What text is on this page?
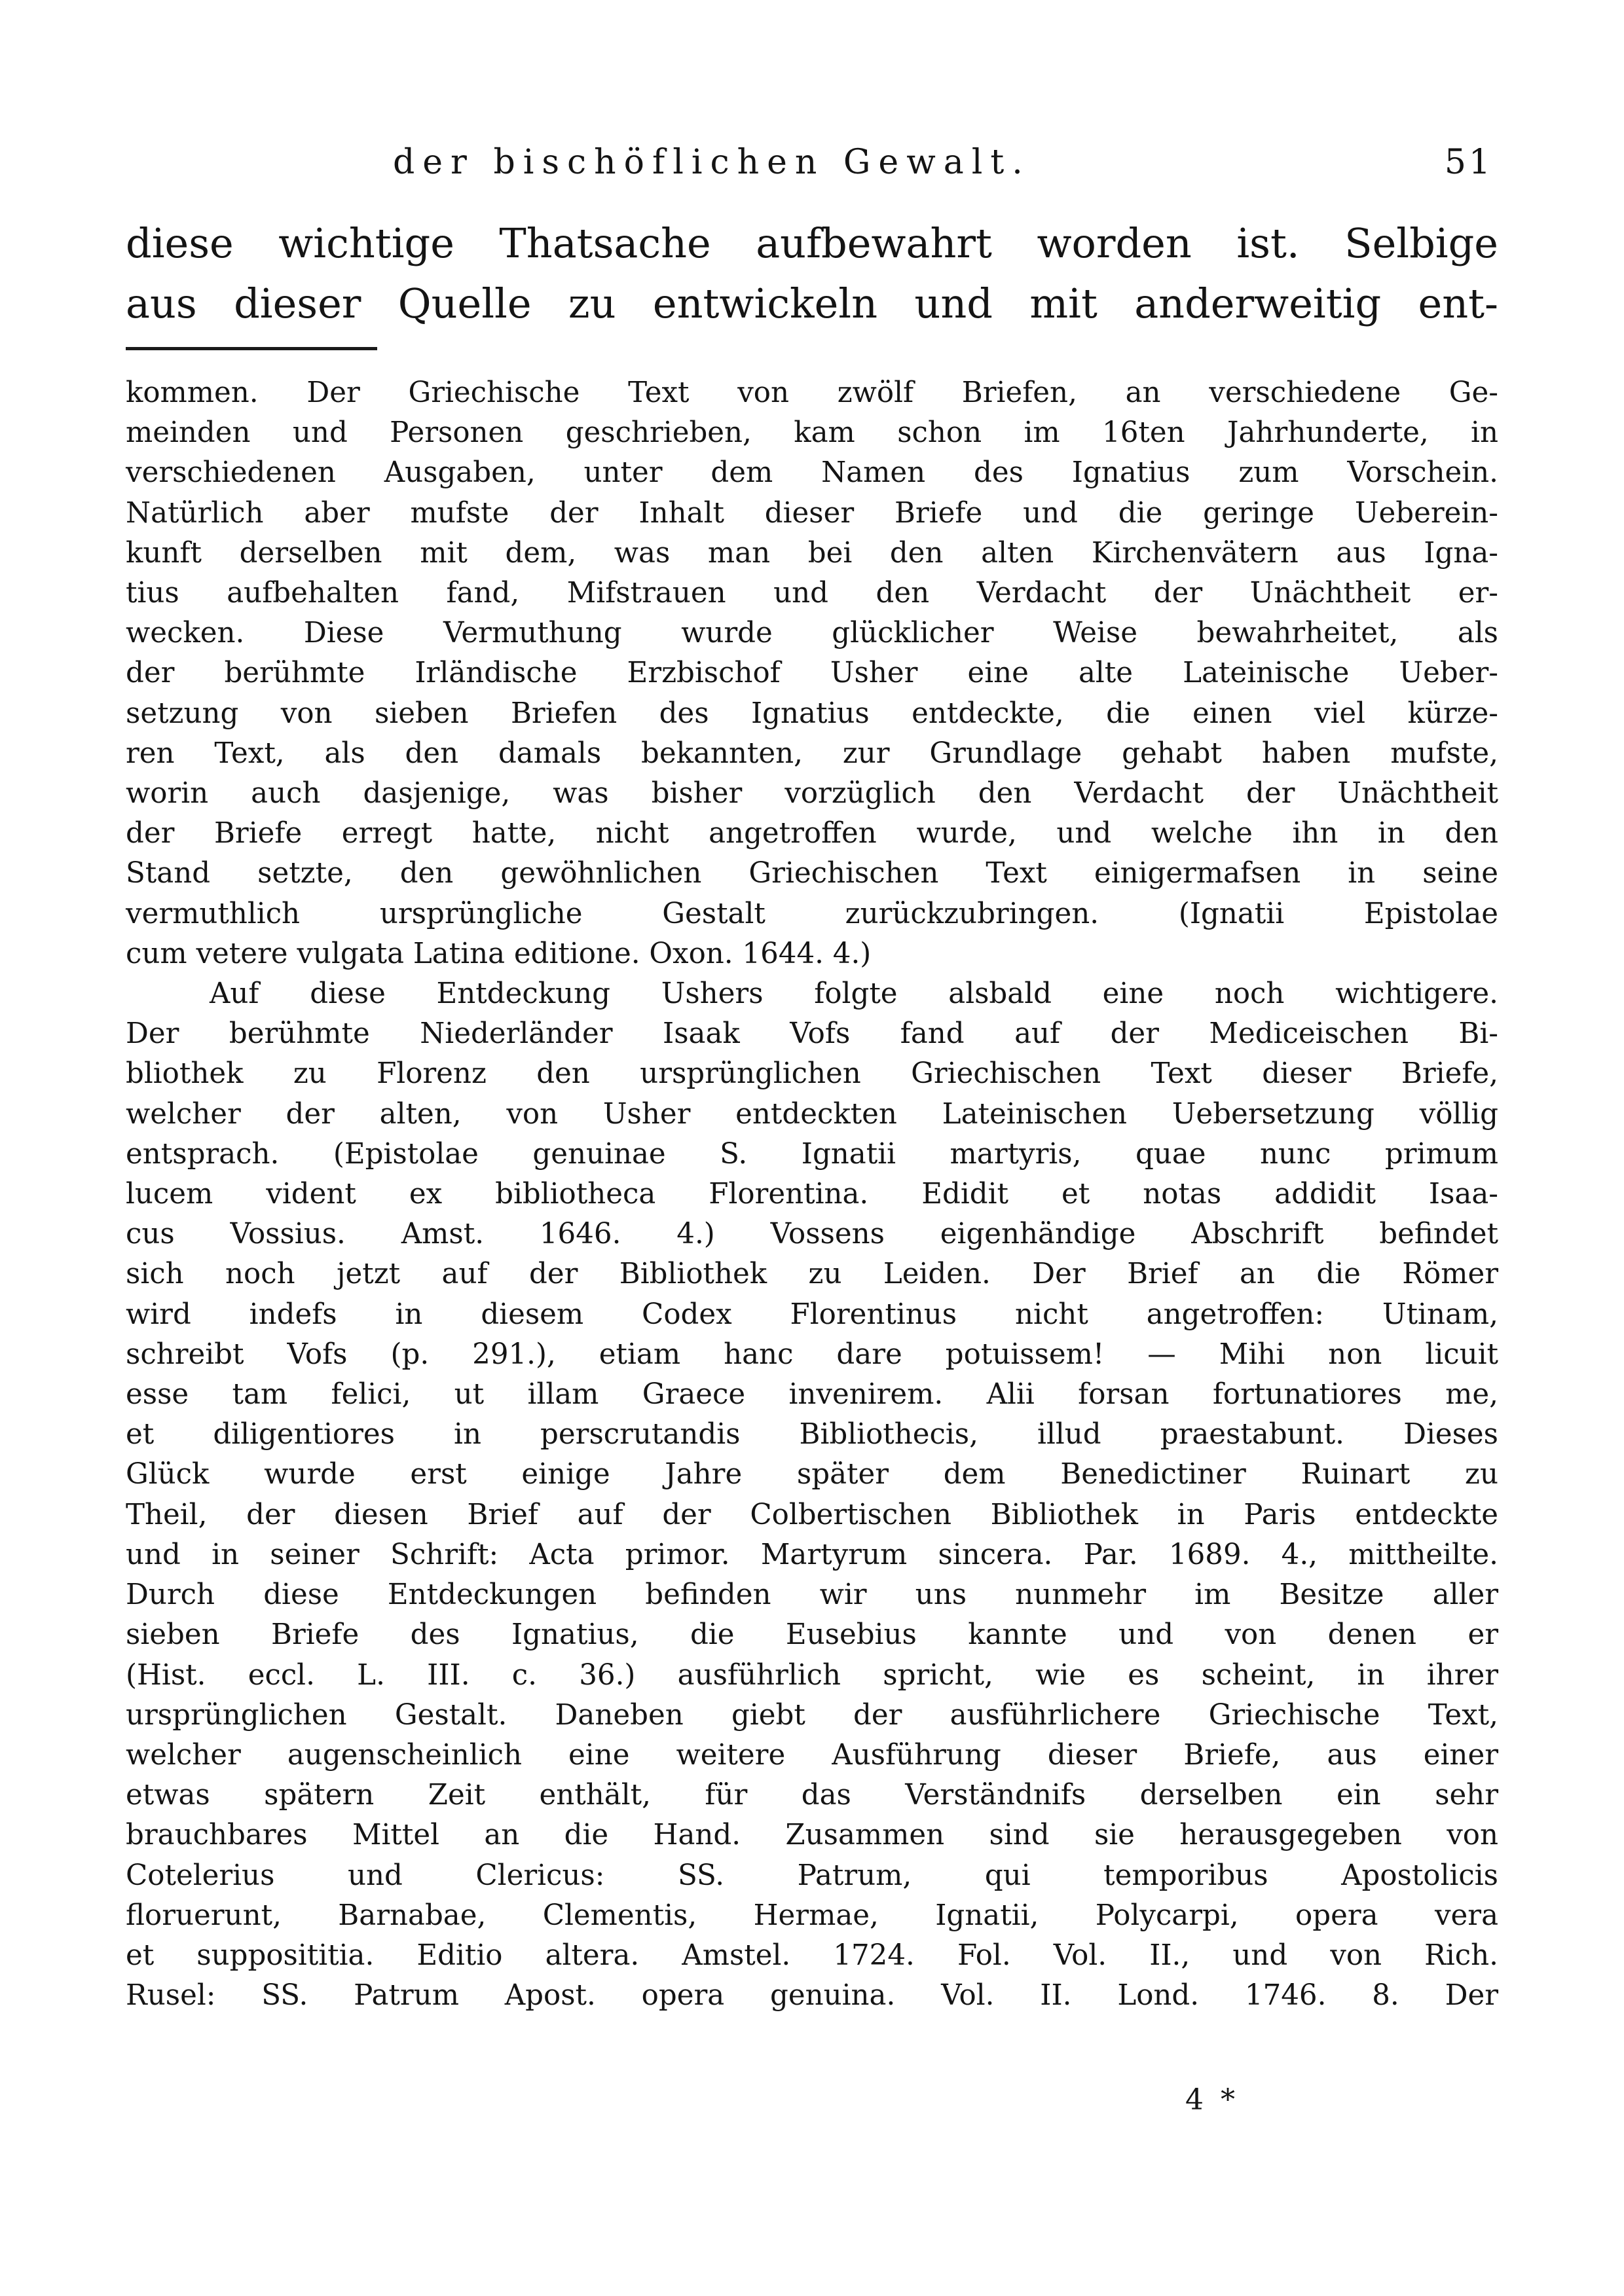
der bischöflichen Gewalt.	51
diese wichtige Thatsache aufbewahrt worden ist. Selbige
aus dieser Quelle zu entwickeln und mit anderweitig ent-
kommen. Der Griechische Text von zwölf Briefen, an verschiedene Ge-
meinden und Personen geschrieben, kam schon im 16ten Jahrhunderte, in
verschiedenen Ausgaben, unter dem Namen des Ignatius zum Vorschein.
Natürlich aber mufste der Inhalt dieser Briefe und die geringe Ueberein-
kunft derselben mit dem, was man bei den alten Kirchenvätern aus Igna-
tius aufbehalten fand, Mifstrauen und den Verdacht der Unächtheit er-
wecken. Diese Vermuthung wurde glücklicher Weise bewahrheitet, als
der berühmte Irländische Erzbischof Usher eine alte Lateinische Ueber-
setzung von sieben Briefen des Ignatius entdeckte, die einen viel kürze-
ren Text, als den damals bekannten, zur Grundlage gehabt haben mufste,
worin auch dasjenige, was bisher vorzüglich den Verdacht der Unächtheit
der Briefe erregt hatte, nicht angetroffen wurde, und welche ihn in den
Stand setzte, den gewöhnlichen Griechischen Text einigermafsen in seine
vermuthlich ursprüngliche Gestalt zurückzubringen. (Ignatii Epistolae
cum vetere vulgata Latina editione. Oxon. 1644. 4.)
Auf diese Entdeckung Ushers folgte alsbald eine noch wichtigere.
Der berühmte Niederländer Isaak Vofs fand auf der Mediceischen Bi-
bliothek zu Florenz den ursprünglichen Griechischen Text dieser Briefe,
welcher der alten, von Usher entdeckten Lateinischen Uebersetzung völlig
entsprach. (Epistolae genuinae S. Ignatii martyris, quae nunc primum
lucem vident ex bibliotheca Florentina. Edidit et notas addidit Isaa-
cus Vossius. Amst. 1646. 4.) Vossens eigenhändige Abschrift befindet
sich noch jetzt auf der Bibliothek zu Leiden. Der Brief an die Römer
wird indefs in diesem Codex Florentinus nicht angetroffen: Utinam,
schreibt Vofs (p. 291.), etiam hanc dare potuissem! — Mihi non licuit
esse tam felici, ut illam Graece invenirem. Alii forsan fortunatiores me,
et diligentiores in perscrutandis Bibliothecis, illud praestabunt. Dieses
Glück wurde erst einige Jahre später dem Benedictiner Ruinart zu
Theil, der diesen Brief auf der Colbertischen Bibliothek in Paris entdeckte
und in seiner Schrift: Acta primor. Martyrum sincera. Par. 1689. 4., mittheilte.
Durch diese Entdeckungen befinden wir uns nunmehr im Besitze aller
sieben Briefe des Ignatius, die Eusebius kannte und von denen er
(Hist. eccl. L. III. c. 36.) ausführlich spricht, wie es scheint, in ihrer
ursprünglichen Gestalt. Daneben giebt der ausführlichere Griechische Text,
welcher augenscheinlich eine weitere Ausführung dieser Briefe, aus einer
etwas spätern Zeit enthält, für das Verständnifs derselben ein sehr
brauchbares Mittel an die Hand. Zusammen sind sie herausgegeben von
Cotelerius und Clericus: SS. Patrum, qui temporibus Apostolicis
floruerunt, Barnabae, Clementis, Hermae, Ignatii, Polycarpi, opera vera
et supposititia. Editio altera. Amstel. 1724. Fol. Vol. II., und von Rich.
Rusel: SS. Patrum Apost. opera genuina. Vol. II. Lond. 1746. 8. Der
4 *
